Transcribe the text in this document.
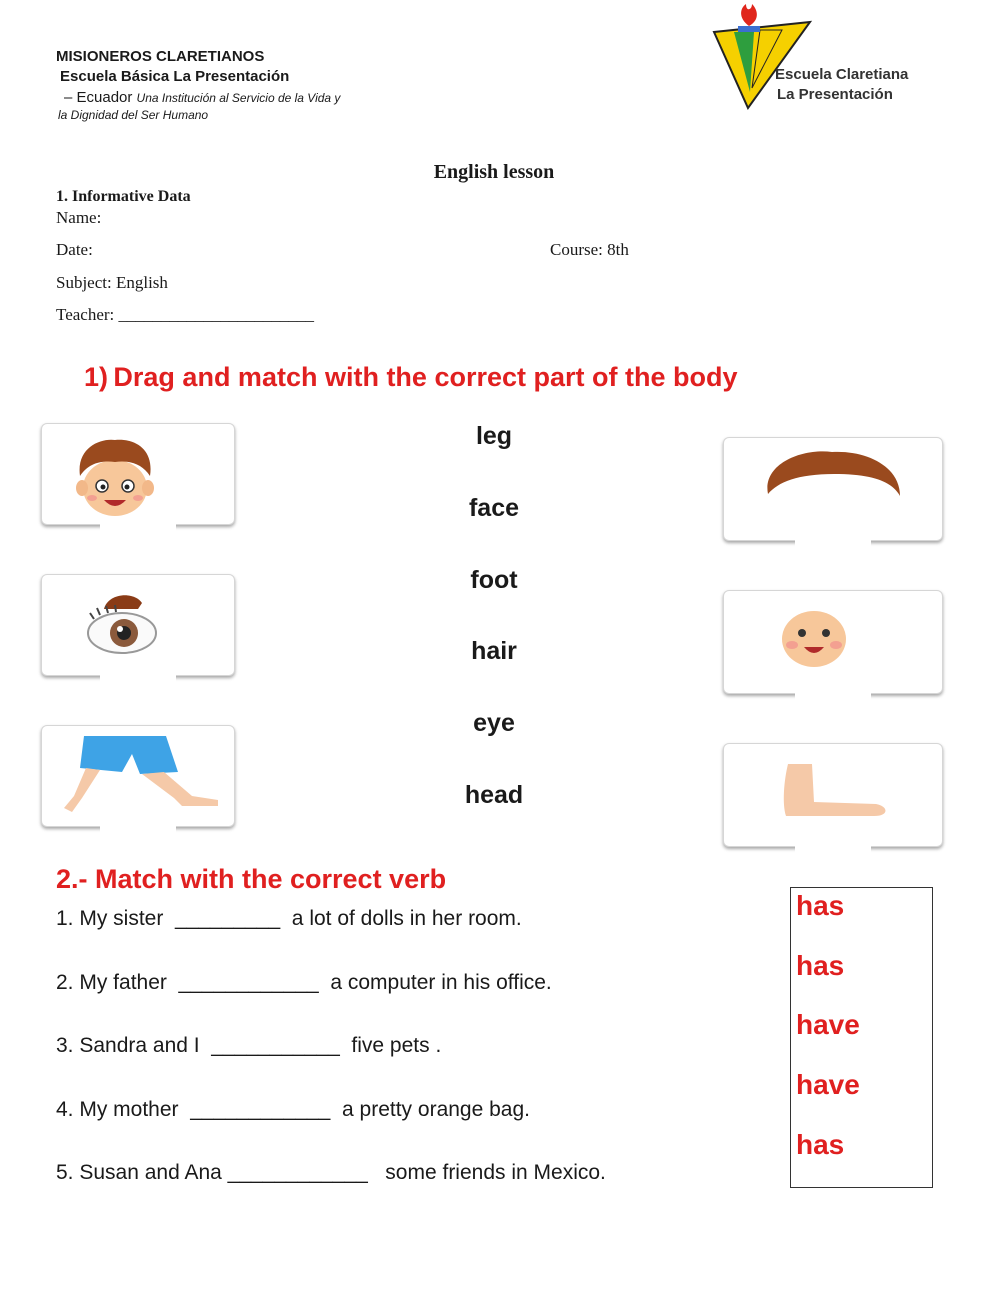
MISIONEROS CLARETIANOS
Escuela Básica La Presentación
– Ecuador Una Institución al Servicio de la Vida y
la Dignidad del Ser Humano
Escuela Claretiana
La Presentación
English lesson
1. Informative Data
Name:
Date:	Course: 8th
Subject: English
Teacher: _______________________
1) Drag and match with the correct part of the body
leg
face
foot
hair
eye
head
2.- Match with the correct verb
1. My sister  _________  a lot of dolls in her room.
2. My father  ____________  a computer in his office.
3. Sandra and I  ___________  five pets .
4. My mother  ____________  a pretty orange bag.
5. Susan and Ana ____________   some friends in Mexico.
has
has
have
have
has
